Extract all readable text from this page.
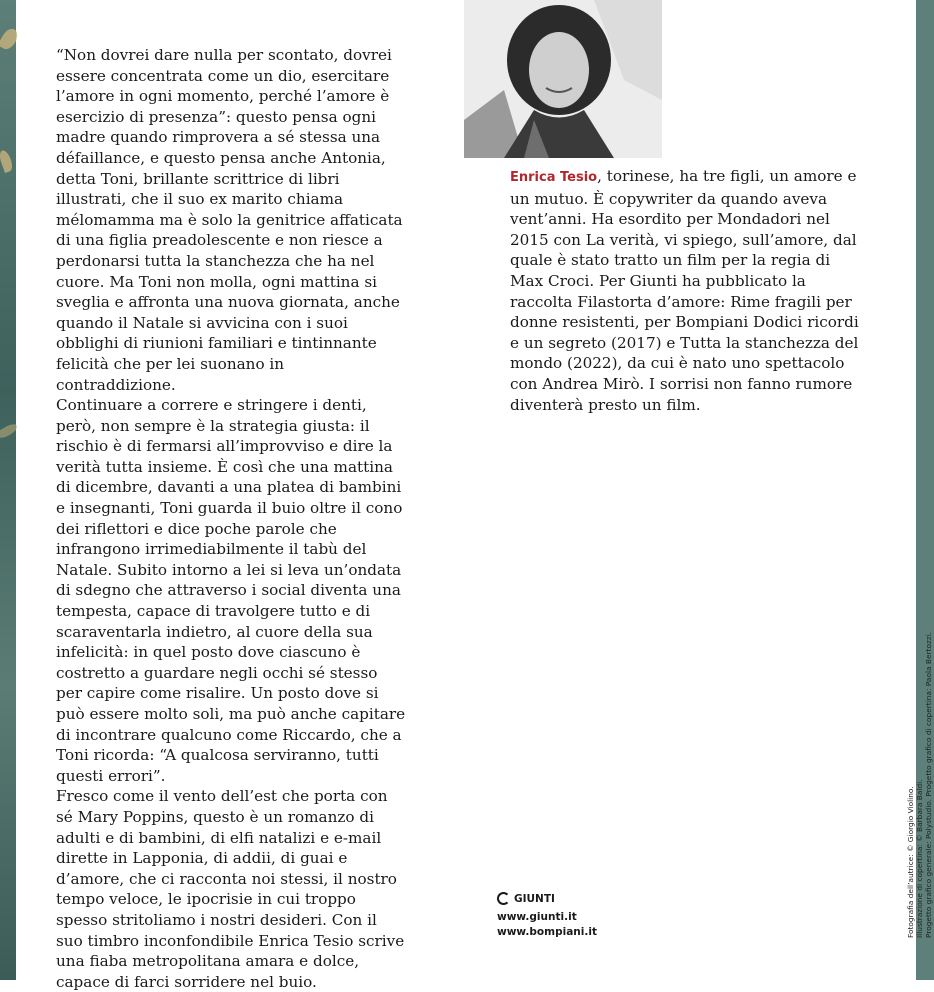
“Non dovrei dare nulla per scontato, dovrei essere concentrata come un dio, esercitare l’amore in ogni momento, perché l’amore è esercizio di presenza”: questo pensa ogni madre quando rimprovera a sé stessa una défaillance, e questo pensa anche Antonia, detta Toni, brillante scrittrice di libri illustrati, che il suo ex marito chiama mélomamma ma è solo la genitrice affaticata di una figlia preadolescente e non riesce a perdonarsi tutta la stanchezza che ha nel cuore. Ma Toni non molla, ogni mattina si sveglia e affronta una nuova giornata, anche quando il Natale si avvicina con i suoi obblighi di riunioni familiari e tintinnante felicità che per lei suonano in contraddizione.

Continuare a correre e stringere i denti, però, non sempre è la strategia giusta: il rischio è di fermarsi all’improvviso e dire la verità tutta insieme. È così che una mattina di dicembre, davanti a una platea di bambini e insegnanti, Toni guarda il buio oltre il cono dei riflettori e dice poche parole che infrangono irrimediabilmente il tabù del Natale. Subito intorno a lei si leva un’ondata di sdegno che attraverso i social diventa una tempesta, capace di travolgere tutto e di scaraventarla indietro, al cuore della sua infelicità: in quel posto dove ciascuno è costretto a guardare negli occhi sé stesso per capire come risalire. Un posto dove si può essere molto soli, ma può anche capitare di incontrare qualcuno come Riccardo, che a Toni ricorda: “A qualcosa serviranno, tutti questi errori”.

Fresco come il vento dell’est che porta con sé Mary Poppins, questo è un romanzo di adulti e di bambini, di elfi natalizi e e-mail dirette in Lapponia, di addii, di guai e d’amore, che ci racconta noi stessi, il nostro tempo veloce, le ipocrisie in cui troppo spesso stritoliamo i nostri desideri. Con il suo timbro inconfondibile Enrica Tesio scrive una fiaba metropolitana amara e dolce, capace di farci sorridere nel buio.

Enrica Tesio, torinese, ha tre figli, un amore e un mutuo. È copywriter da quando aveva vent’anni. Ha esordito per Mondadori nel 2015 con La verità, vi spiego, sull’amore, dal quale è stato tratto un film per la regia di Max Croci. Per Giunti ha pubblicato la raccolta Filastorta d’amore: Rime fragili per donne resistenti, per Bompiani Dodici ricordi e un segreto (2017) e Tutta la stanchezza del mondo (2022), da cui è nato uno spettacolo con Andrea Mirò. I sorrisi non fanno rumore diventerà presto un film.
GIUNTI
www.giunti.it
www.bompiani.it	Fotografia dell’autrice: © Giorgio Violino. Illustrazione di copertina: © Barbara Baldi. Progetto grafico generale: Polystudio. Progetto grafico di copertina: Paola Bertozzi.
